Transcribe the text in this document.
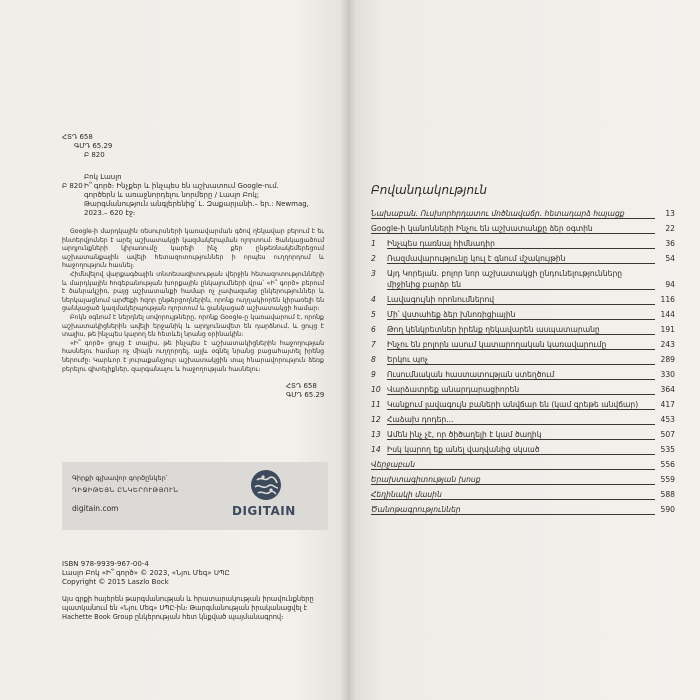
ՀՏԴ 658
ԳՄԴ 65.29
Բ 820
Բ 820
Բոկ Լասլո
Ի՞ գործ։ Ինչքեր և ինչպես են աշխատում Google-ում. գործերն և առաջնորդելու նորմերը / Լասլո Բոկ; Թարգմանություն անգլերենից՝ Լ. Զաքարյանի.– եր.: Newmag, 2023.– 620 էջ։

Google-ի մարդկային ռեսուրսների կառավարման գծով ղեկավար բերում է եւ ինտերվյուներ է արել աշխատակցի կազմակերպման ոլորտում։ Ցանկացածում արդյունքների կիրառումը կարելի ինչ քեր ընթեռնակեմերեցում աշխատանքային ավելի հետազոտություններ ի որպես ուղղորդում և հաջողություն հասնել։

Հիմնվելով վարքագծային տնտեսագիտության վերջին հետազոտությունների և մարդկային հոգեբանության խորքային ընկալումների վրա՝ «Ի՞ գործ» բերում է ծանրակշիռ, բայց աշխատանքի համար ոչ չափազանց ընկերություններ և ներկայացնում արժեքի հզոր ընթերցողներին, որոնք ուղղակիորեն կիրառելի են ցանկացած կազմակերպության ոլորտում և ցանկացած աշխատակցի համար։

Բոկն օգնում է ներդնել սովորույթները, որոնք Google-ը կառավարում է, որոնք աշխատակիցներին ավելի երջանիկ և արդյունավետ են դարձնում, և ցույց է տալիս, թե ինչպես կարող են հետևել նրանց օրինակին։

«Ի՞ գործ» ցույց է տալիս, թե ինչպես է աշխատակիցներին հաջողության հասնելու համար ոչ միայն ուղղորդել, այլև օգնել նրանց բացահայտել իրենց ներուժը։ Կարևոր է յուրաքանչյուր աշխատակցին տալ հնարավորություն ձեռք բերելու գիտելիքներ, զարգանալու և հաջողության հասնելու։

ՀՏԴ 658
ԳՄԴ 65.29
Գիրքի գլխավոր գործընկեր՝
ԴԻՋԻԹԵՅՆ ԸՆԿԵՐՈՒԹՅՈՒՆ
digitain.com	DIGITAIN
ISBN 978-9939-967-00-4
Լասլո Բոկ «Ի՞ գործ» © 2023, «Նյու Մեգ» ՍՊԸ
Copyright © 2015 Laszlo Bock
Այս գրքի հայերեն թարգմանության և հրատարակության իրավունքները պատկանում են «Նյու Մեգ» ՍՊԸ-ին։ Թարգմանության իրականացվել է Hachette Book Group ընկերության հետ կնքված պայմանագրով։
Բովանդակություն
Նախաբան. Ուսխորհրդատու մոծնավաճր. հետադարձ հայացք	13
Google-ի կանոնների Ինչու են աշխատանքը ձեր օգտին	22
1	Ինչպես դառնալ հիմնադիր	36
2	Ռազմավարությունը կուլ է գնում մշակույթին	54
3	Այդ Կորեյան. բոլոր նոր աշխատակցի ընդունելությունները միջինից բարձր են	94
4	Լավագույնի որոնումներով	116
5	Մի՛ վստահեք ձեր խնոռիցիային	144
6	Թող կենկրետներ իրենք ղեկավարեն ասպատարանը	191
7	Ինչու են բոլորն ասում կատարողական կառավարումը	243
8	Երկու պոչ	289
9	Ուսումնական հաստատության ստեղծում	330
10 Վարձատրեք անարդարացիորեն	364
11 Կանքում լավագույն բաների անվճար են (կամ գրեթե անվճար)	417
12 Հաձախ դոդեր...	453
13 Ամեն ինչ չէ, որ ծիծաղելի է կամ ծաղիկ	507
14 Իսկ կարող եք անել վաղվանից սկսած	535
Վերջաբան	556
Երախտագիտության խոսք	559
Հեղինակի մասին	588
Ծանոթագրություններ	590
